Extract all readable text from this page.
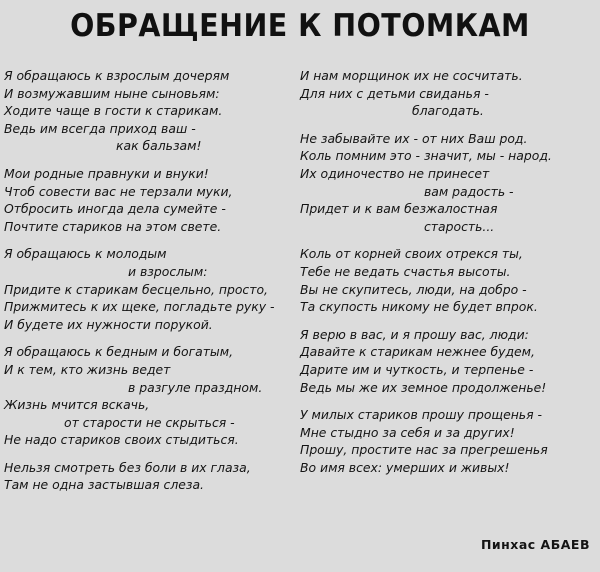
ОБРАЩЕНИЕ К ПОТОМКАМ
Я обращаюсь к взрослым дочерям
И возмужавшим ныне сыновьям:
Ходите чаще в гости к старикам.
Ведь им всегда приход ваш -
как бальзам!
Мои родные правнуки и внуки!
Чтоб совести вас не терзали муки,
Отбросить иногда дела сумейте -
Почтите стариков на этом свете.
Я обращаюсь к молодым
и взрослым:
Придите к старикам бесцельно, просто,
Прижмитесь к их щеке, погладьте руку -
И будете их нужности порукой.
Я обращаюсь к бедным и богатым,
И к тем, кто жизнь ведет
в разгуле праздном.
Жизнь мчится вскачь,
от старости не скрыться -
Не надо стариков своих стыдиться.
Нельзя смотреть без боли в их глаза,
Там не одна застывшая слеза.
И нам морщинок их не сосчитать.
Для них с детьми свиданья -
благодать.
Не забывайте их - от них Ваш род.
Коль помним это - значит, мы - народ.
Их одиночество не принесет
вам радость -
Придет и к вам безжалостная
старость...
Коль от корней своих отрекся ты,
Тебе не ведать счастья высоты.
Вы не скупитесь, люди, на добро -
Та скупость никому не будет впрок.
Я верю в вас, и я прошу вас, люди:
Давайте к старикам нежнее будем,
Дарите им и чуткость, и терпенье -
Ведь мы же их земное продолженье!
У милых стариков прошу прощенья -
Мне стыдно за себя и за других!
Прошу, простите нас за прегрешенья
Во имя всех: умерших и живых!
Пинхас АБАЕВ
